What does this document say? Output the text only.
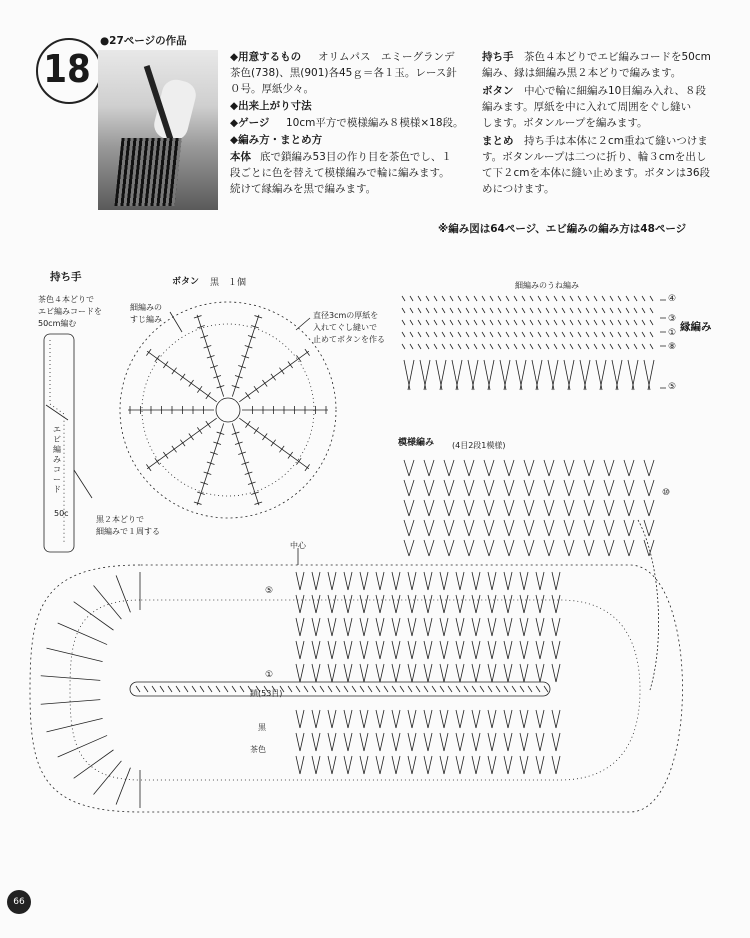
18
●27ページの作品
◆用意するもの オリムパス　エミーグランデ
茶色(738)、黒(901)各45ｇ＝各１玉。レース針
０号。厚紙少々。
◆出来上がり寸法
◆ゲージ 10cm平方で模様編み８模様×18段。
◆編み方・まとめ方
本体 底で鎖編み53目の作り目を茶色でし、１
段ごとに色を替えて模様編みで輪に編みます。
続けて縁編みを黒で編みます。
持ち手 茶色４本どりでエビ編みコードを50cm
編み、縁は細編み黒２本どりで編みます。
ボタン 中心で輪に細編み10目編み入れ、８段
編みます。厚紙を中に入れて周囲をぐし縫い
します。ボタンループを編みます。
まとめ 持ち手は本体に２cm重ねて縫いつけま
す。ボタンループは二つに折り、輪３cmを出し
て下２cmを本体に縫い止めます。ボタンは36段
めにつけます。
※編み図は64ページ、エビ編みの編み方は48ページ
持ち手
茶色４本どりで
エビ編みコードを
50cm編む
エビ編みコード
50c
黒２本どりで
細編みで１周する
ボタン 黒 １個
細編みの
すじ編み	直径3cmの厚紙を
入れてぐし縫いで
止めてボタンを作る
細編みのうね編み
縁編み
④
③
①
⑧
⑤
模様編み (4目2段1模様)
⑩
中心
⑤
①
鎖(53目)
黒
茶色
66
